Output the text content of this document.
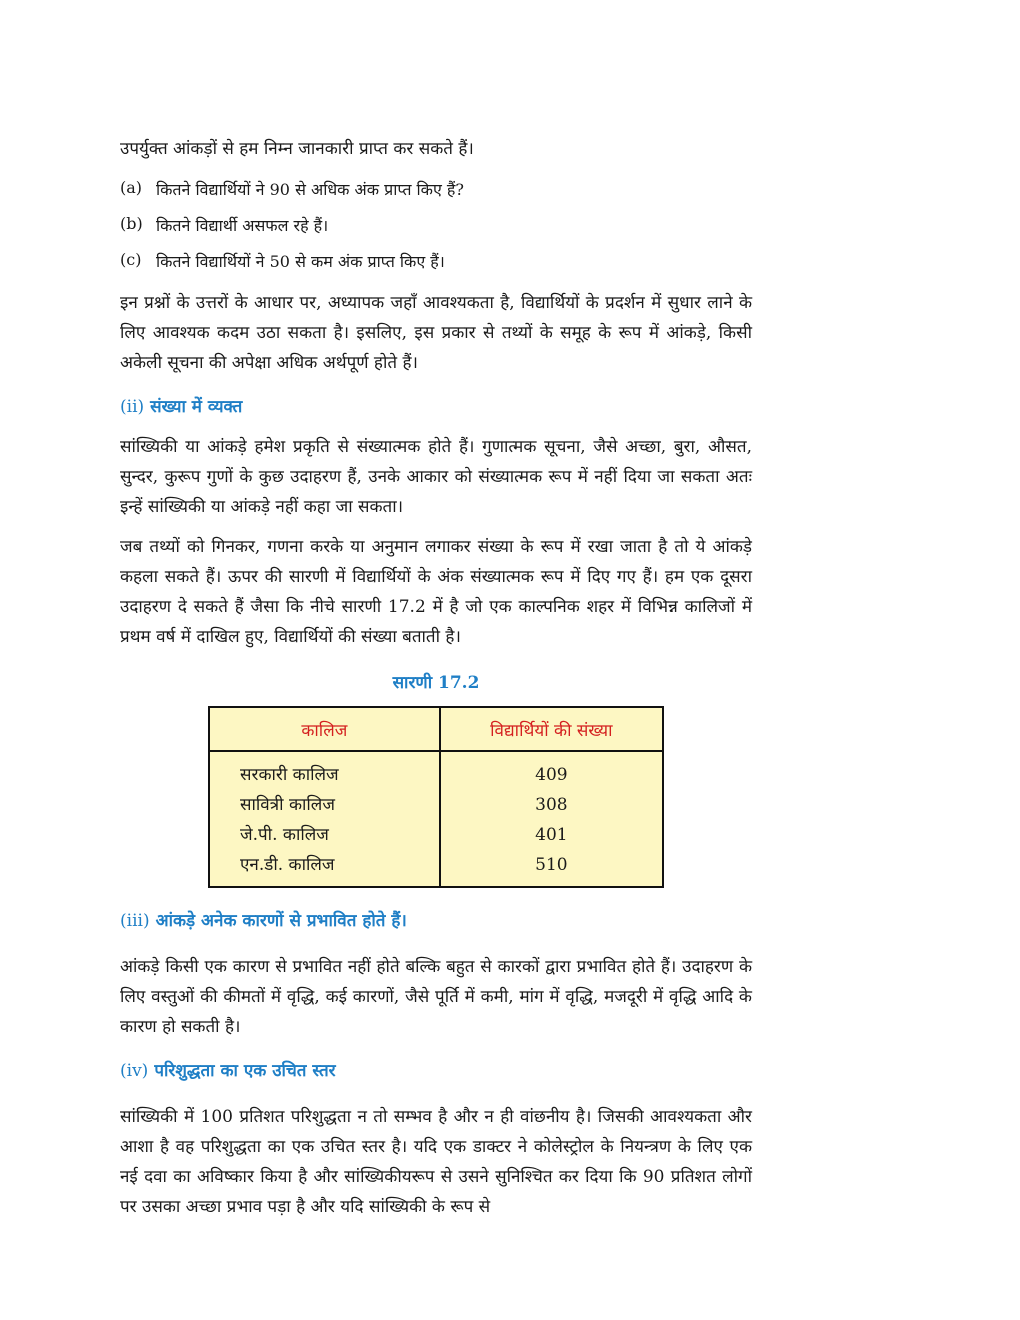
उपर्युक्त आंकड़ों से हम निम्न जानकारी प्राप्त कर सकते हैं।

(a) कितने विद्यार्थियों ने 90 से अधिक अंक प्राप्त किए हैं?
(b) कितने विद्यार्थी असफल रहे हैं।
(c) कितने विद्यार्थियों ने 50 से कम अंक प्राप्त किए हैं।

इन प्रश्नों के उत्तरों के आधार पर, अध्यापक जहाँ आवश्यकता है, विद्यार्थियों के प्रदर्शन में सुधार लाने के लिए आवश्यक कदम उठा सकता है। इसलिए, इस प्रकार से तथ्यों के समूह के रूप में आंकड़े, किसी अकेली सूचना की अपेक्षा अधिक अर्थपूर्ण होते हैं।

(ii) संख्या में व्यक्त

सांख्यिकी या आंकड़े हमेश प्रकृति से संख्यात्मक होते हैं। गुणात्मक सूचना, जैसे अच्छा, बुरा, औसत, सुन्दर, कुरूप गुणों के कुछ उदाहरण हैं, उनके आकार को संख्यात्मक रूप में नहीं दिया जा सकता अतः इन्हें सांख्यिकी या आंकड़े नहीं कहा जा सकता।

जब तथ्यों को गिनकर, गणना करके या अनुमान लगाकर संख्या के रूप में रखा जाता है तो ये आंकड़े कहला सकते हैं। ऊपर की सारणी में विद्यार्थियों के अंक संख्यात्मक रूप में दिए गए हैं। हम एक दूसरा उदाहरण दे सकते हैं जैसा कि नीचे सारणी 17.2 में है जो एक काल्पनिक शहर में विभिन्न कालिजों में प्रथम वर्ष में दाखिल हुए, विद्यार्थियों की संख्या बताती है।

सारणी 17.2
कालिज	विद्यार्थियों की संख्या
सरकारी कालिज	409
सावित्री कालिज	308
जे.पी. कालिज	401
एन.डी. कालिज	510
(iii) आंकड़े अनेक कारणों से प्रभावित होते हैं।

आंकड़े किसी एक कारण से प्रभावित नहीं होते बल्कि बहुत से कारकों द्वारा प्रभावित होते हैं। उदाहरण के लिए वस्तुओं की कीमतों में वृद्धि, कई कारणों, जैसे पूर्ति में कमी, मांग में वृद्धि, मजदूरी में वृद्धि आदि के कारण हो सकती है।

(iv) परिशुद्धता का एक उचित स्तर

सांख्यिकी में 100 प्रतिशत परिशुद्धता न तो सम्भव है और न ही वांछनीय है। जिसकी आवश्यकता और आशा है वह परिशुद्धता का एक उचित स्तर है। यदि एक डाक्टर ने कोलेस्ट्रोल के नियन्त्रण के लिए एक नई दवा का अविष्कार किया है और सांख्यिकीयरूप से उसने सुनिश्चित कर दिया कि 90 प्रतिशत लोगों पर उसका अच्छा प्रभाव पड़ा है और यदि सांख्यिकी के रूप से
